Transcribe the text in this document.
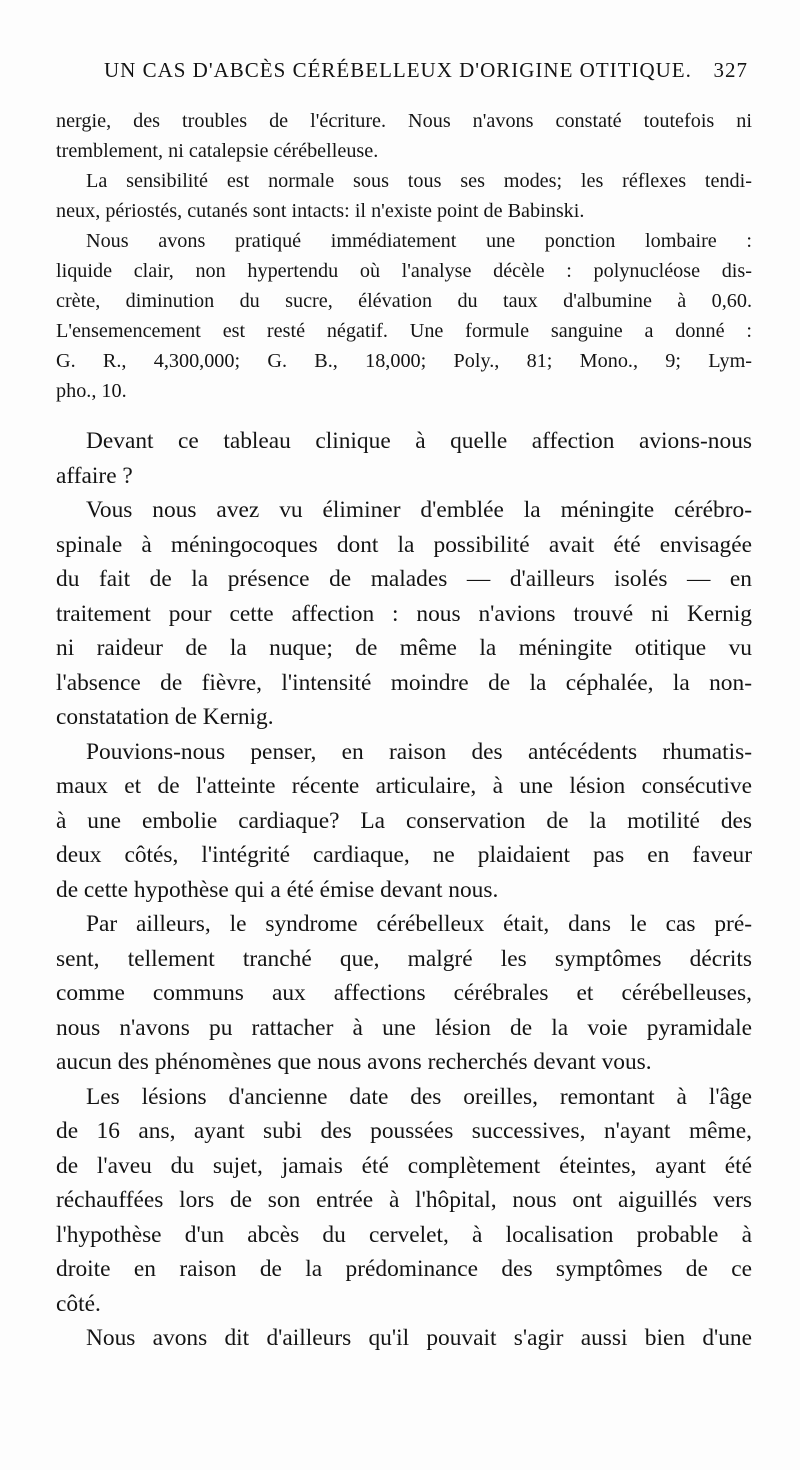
UN CAS D'ABCÈS CÉRÉBELLEUX D'ORIGINE OTITIQUE. 327
nergie, des troubles de l'écriture. Nous n'avons constaté toutefois ni
tremblement, ni catalepsie cérébelleuse.
La sensibilité est normale sous tous ses modes; les réflexes tendi-
neux, périostés, cutanés sont intacts: il n'existe point de Babinski.
Nous avons pratiqué immédiatement une ponction lombaire :
liquide clair, non hypertendu où l'analyse décèle : polynucléose dis-
crète, diminution du sucre, élévation du taux d'albumine à 0,60.
L'ensemencement est resté négatif. Une formule sanguine a donné :
G. R., 4,300,000; G. B., 18,000; Poly., 81; Mono., 9; Lym-
pho., 10.
Devant ce tableau clinique à quelle affection avions-nous
affaire ?
Vous nous avez vu éliminer d'emblée la méningite cérébro-
spinale à méningocoques dont la possibilité avait été envisagée
du fait de la présence de malades — d'ailleurs isolés — en
traitement pour cette affection : nous n'avions trouvé ni Kernig
ni raideur de la nuque; de même la méningite otitique vu
l'absence de fièvre, l'intensité moindre de la céphalée, la non-
constatation de Kernig.
Pouvions-nous penser, en raison des antécédents rhumatis-
maux et de l'atteinte récente articulaire, à une lésion consécutive
à une embolie cardiaque? La conservation de la motilité des
deux côtés, l'intégrité cardiaque, ne plaidaient pas en faveur
de cette hypothèse qui a été émise devant nous.
Par ailleurs, le syndrome cérébelleux était, dans le cas pré-
sent, tellement tranché que, malgré les symptômes décrits
comme communs aux affections cérébrales et cérébelleuses,
nous n'avons pu rattacher à une lésion de la voie pyramidale
aucun des phénomènes que nous avons recherchés devant vous.
Les lésions d'ancienne date des oreilles, remontant à l'âge
de 16 ans, ayant subi des poussées successives, n'ayant même,
de l'aveu du sujet, jamais été complètement éteintes, ayant été
réchauffées lors de son entrée à l'hôpital, nous ont aiguillés vers
l'hypothèse d'un abcès du cervelet, à localisation probable à
droite en raison de la prédominance des symptômes de ce
côté.
Nous avons dit d'ailleurs qu'il pouvait s'agir aussi bien d'une
